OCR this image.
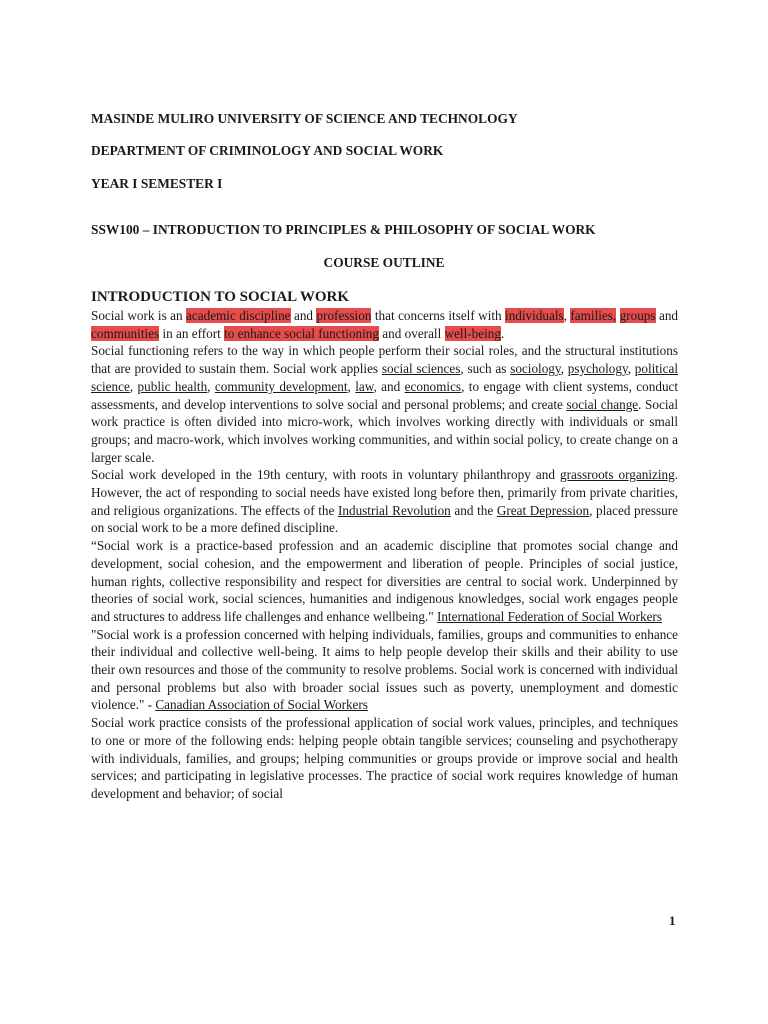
MASINDE MULIRO UNIVERSITY OF SCIENCE AND TECHNOLOGY
DEPARTMENT OF CRIMINOLOGY AND SOCIAL WORK
YEAR I SEMESTER I
SSW100 – INTRODUCTION TO PRINCIPLES & PHILOSOPHY OF SOCIAL WORK
COURSE OUTLINE
INTRODUCTION TO SOCIAL WORK

Social work is an academic discipline and profession that concerns itself with individuals, families, groups and communities in an effort to enhance social functioning and overall well-being.

Social functioning refers to the way in which people perform their social roles, and the structural institutions that are provided to sustain them. Social work applies social sciences, such as sociology, psychology, political science, public health, community development, law, and economics, to engage with client systems, conduct assessments, and develop interventions to solve social and personal problems; and create social change. Social work practice is often divided into micro-work, which involves working directly with individuals or small groups; and macro-work, which involves working communities, and within social policy, to create change on a larger scale.

Social work developed in the 19th century, with roots in voluntary philanthropy and grassroots organizing. However, the act of responding to social needs have existed long before then, primarily from private charities, and religious organizations. The effects of the Industrial Revolution and the Great Depression, placed pressure on social work to be a more defined discipline.

“Social work is a practice-based profession and an academic discipline that promotes social change and development, social cohesion, and the empowerment and liberation of people. Principles of social justice, human rights, collective responsibility and respect for diversities are central to social work. Underpinned by theories of social work, social sciences, humanities and indigenous knowledges, social work engages people and structures to address life challenges and enhance wellbeing." International Federation of Social Workers

"Social work is a profession concerned with helping individuals, families, groups and communities to enhance their individual and collective well-being. It aims to help people develop their skills and their ability to use their own resources and those of the community to resolve problems. Social work is concerned with individual and personal problems but also with broader social issues such as poverty, unemployment and domestic violence." - Canadian Association of Social Workers

Social work practice consists of the professional application of social work values, principles, and techniques to one or more of the following ends: helping people obtain tangible services; counseling and psychotherapy with individuals, families, and groups; helping communities or groups provide or improve social and health services; and participating in legislative processes. The practice of social work requires knowledge of human development and behavior; of social

1
